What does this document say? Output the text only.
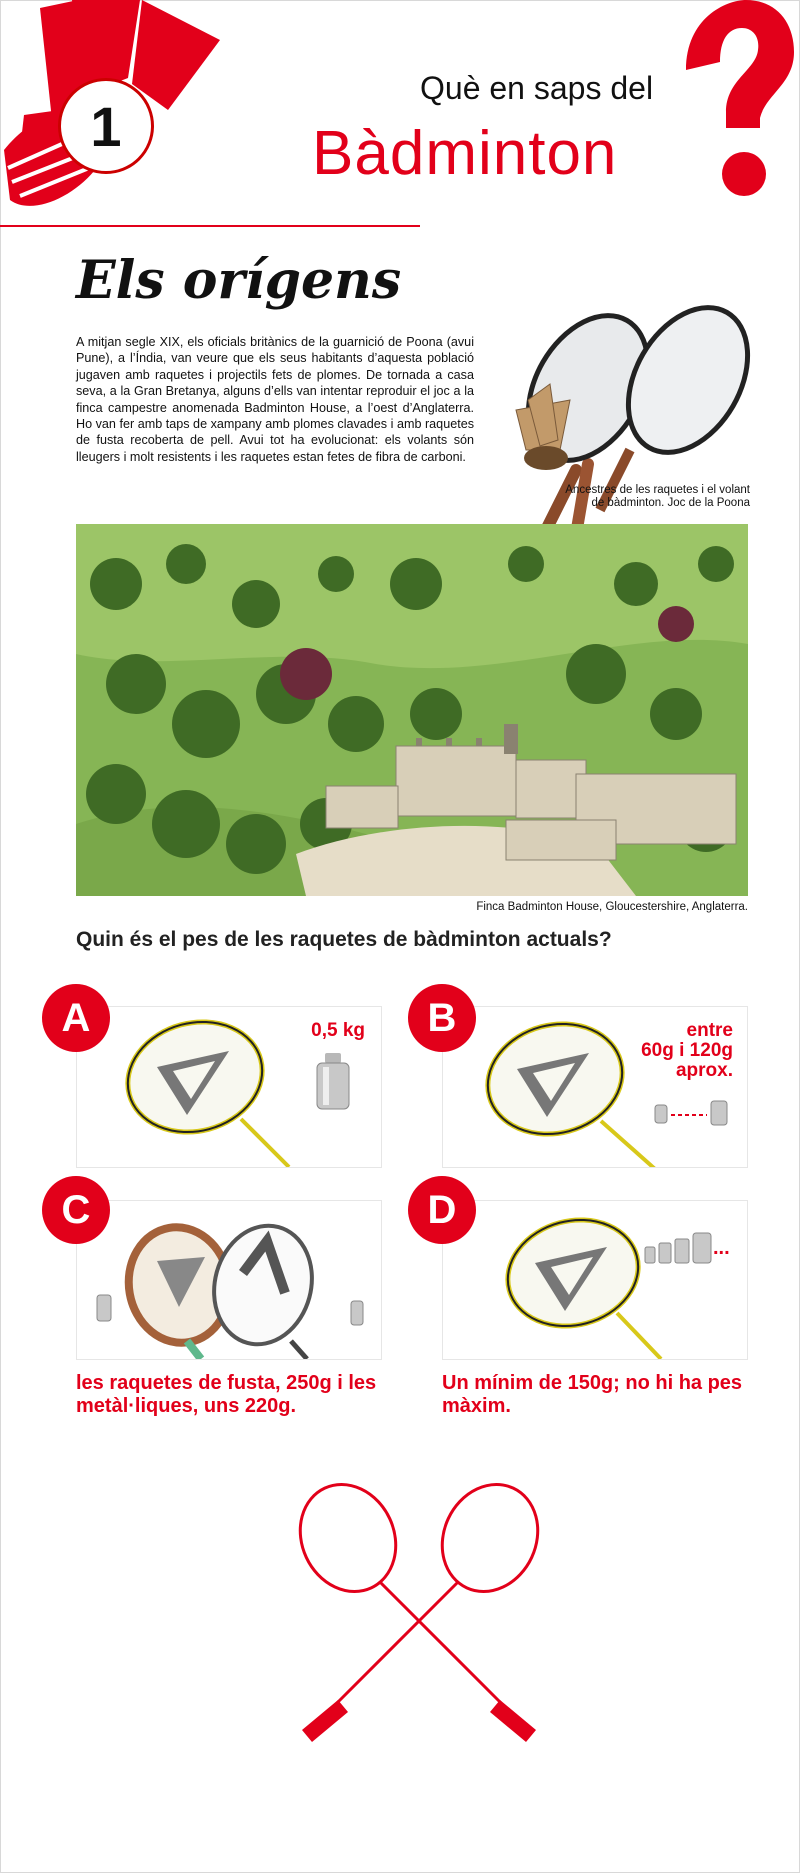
1
Què en saps del
Bàdminton
Els orígens
A mitjan segle XIX, els oficials britànics de la guarnició de Poona (avui Pune), a l’Índia, van veure que els seus habitants d’aquesta població jugaven amb raquetes i projectils fets de plomes. De tornada a casa seva, a la Gran Bretanya, alguns d’ells van intentar reproduir el joc a la finca campestre anomenada Badminton House, a l’oest d’Anglaterra. Ho van fer amb taps de xampany amb plomes clavades i amb raquetes de fusta recoberta de pell. Avui tot ha evolucionat: els volants són lleugers i molt resistents i les raquetes estan fetes de fibra de carboni.
Ancestres de les raquetes i el volant
de bàdminton. Joc de la Poona
Finca Badminton House, Gloucestershire, Anglaterra.
Quin és el pes de les raquetes de bàdminton actuals?
0,5 kg
A	entre
60g i 120g
aprox.
B
C
les raquetes de fusta, 250g i les
metàl·liques, uns 220g.
...
D
Un mínim de 150g; no hi ha pes
màxim.
